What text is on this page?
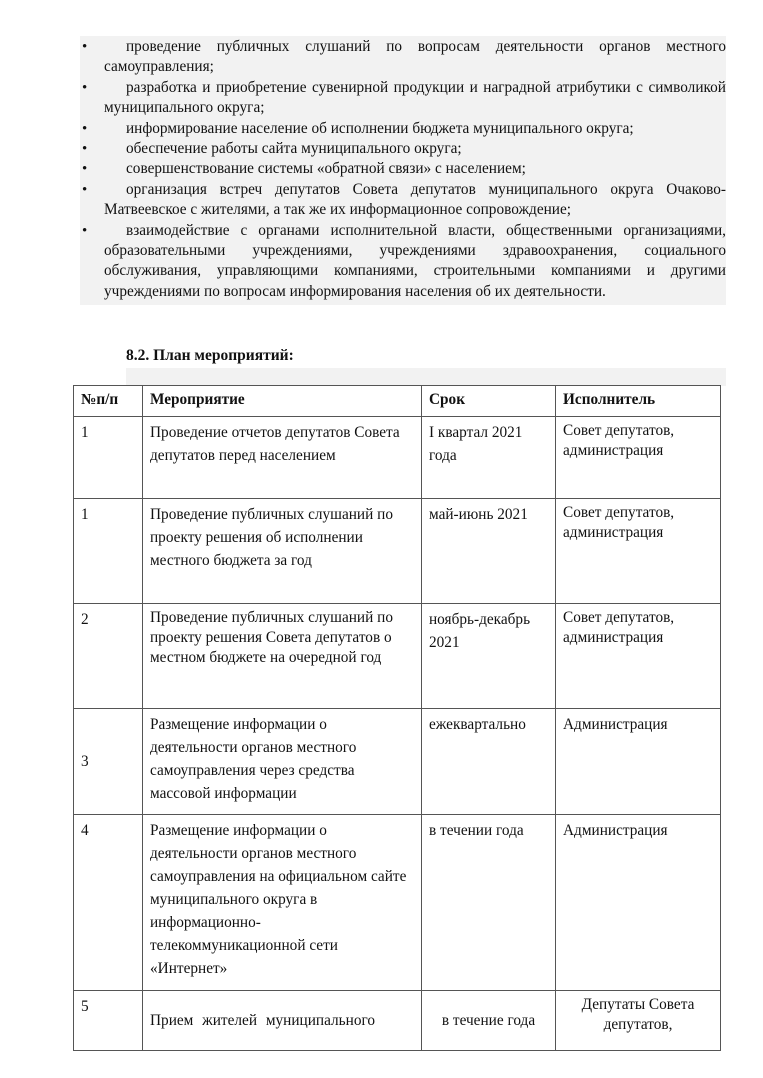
•	проведение публичных слушаний по вопросам деятельности органов местного самоуправления;
•	разработка и приобретение сувенирной продукции и наградной атрибутики с символикой муниципального округа;
•	информирование население об исполнении бюджета муниципального округа;
•	обеспечение работы сайта муниципального округа;
•	совершенствование системы «обратной связи» с населением;
•	организация встреч депутатов Совета депутатов муниципального округа Очаково-Матвеевское с жителями, а так же их информационное сопровождение;
•	взаимодействие с органами исполнительной власти, общественными организациями, образовательными учреждениями, учреждениями здравоохранения, социального обслуживания, управляющими компаниями, строительными компаниями и другими учреждениями по вопросам информирования населения об их деятельности.
8.2. План мероприятий:
№п/п	Мероприятие	Срок	Исполнитель
1	Проведение отчетов депутатов Совета депутатов перед населением	I квартал 2021 года	Совет депутатов, администрация
1	Проведение публичных слушаний по проекту решения об исполнении местного бюджета за год	май-июнь 2021	Совет депутатов, администрация
2	Проведение публичных слушаний по проекту решения Совета депутатов о местном бюджете на очередной год	ноябрь-декабрь 2021	Совет депутатов, администрация
3	Размещение информации о деятельности органов местного самоуправления через средства массовой информации	ежеквартально	Администрация
4	Размещение информации о деятельности органов местного самоуправления на официальном сайте муниципального округа в информационно-телекоммуникационной сети «Интернет»	в течении года	Администрация
5	Прием жителей муниципального	в течение года	Депутаты Совета депутатов,
